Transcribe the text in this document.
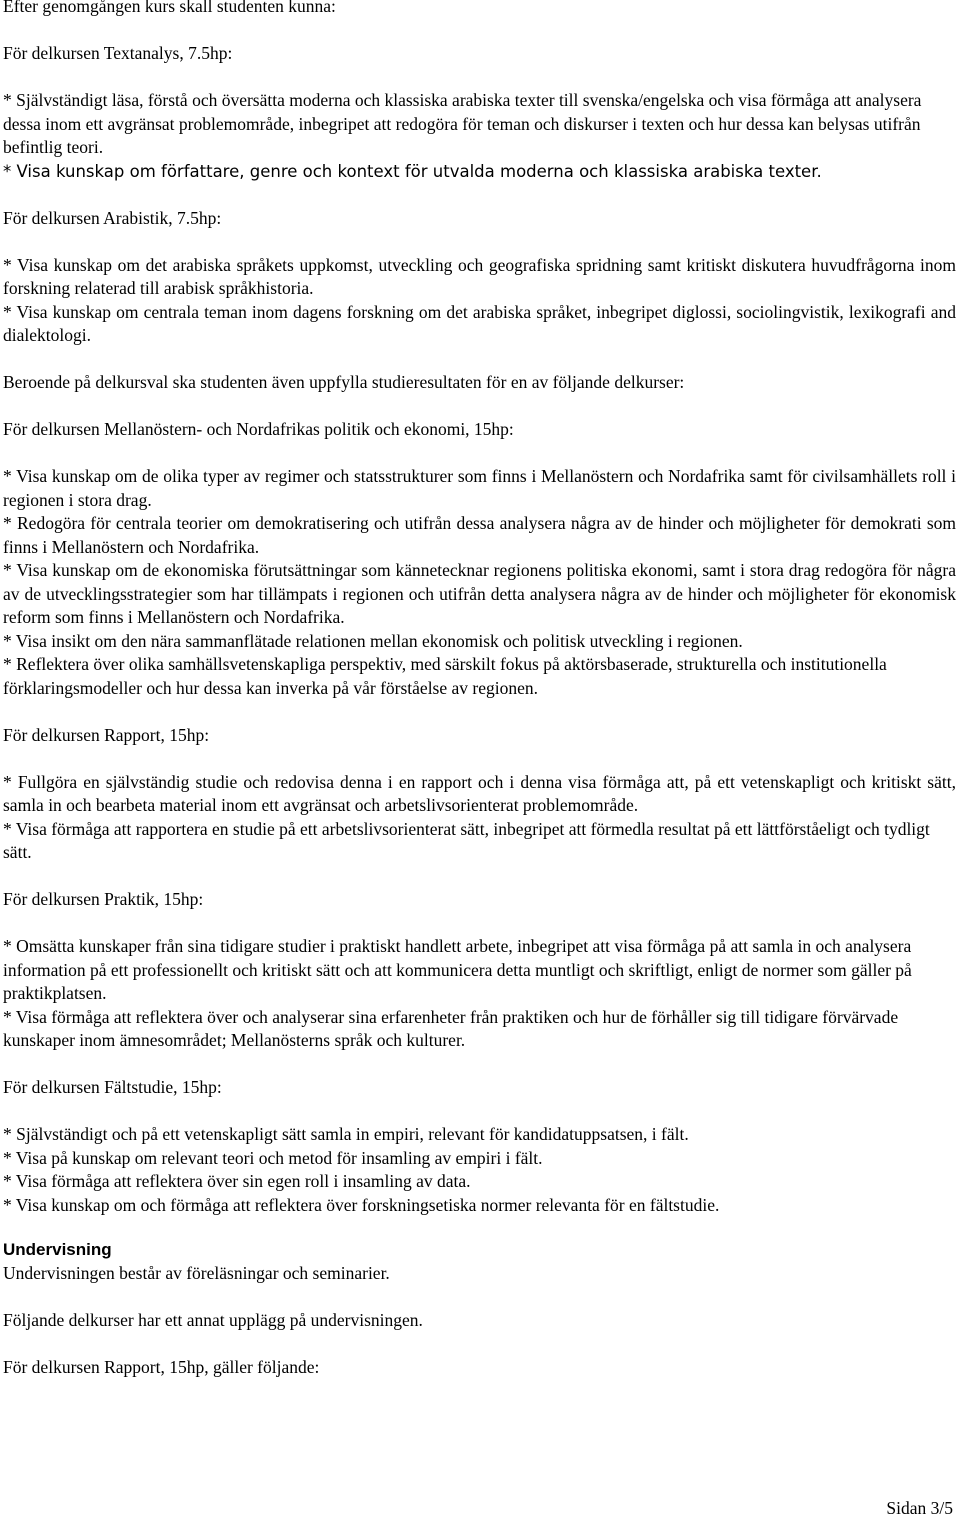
Efter genomgången kurs skall studenten kunna:

För delkursen Textanalys, 7.5hp:

* Självständigt läsa, förstå och översätta moderna och klassiska arabiska texter till svenska/engelska och visa förmåga att analysera dessa inom ett avgränsat problemområde, inbegripet att redogöra för teman och diskurser i texten och hur dessa kan belysas utifrån befintlig teori.

* Visa kunskap om författare, genre och kontext för utvalda moderna och klassiska arabiska texter.

För delkursen Arabistik, 7.5hp:

* Visa kunskap om det arabiska språkets uppkomst, utveckling och geografiska spridning samt kritiskt diskutera huvudfrågorna inom forskning relaterad till arabisk språkhistoria.

* Visa kunskap om centrala teman inom dagens forskning om det arabiska språket, inbegripet diglossi, sociolingvistik, lexikografi and dialektologi.

Beroende på delkursval ska studenten även uppfylla studieresultaten för en av följande delkurser:

För delkursen Mellanöstern- och Nordafrikas politik och ekonomi, 15hp:

* Visa kunskap om de olika typer av regimer och statsstrukturer som finns i Mellanöstern och Nordafrika samt för civilsamhällets roll i regionen i stora drag.

* Redogöra för centrala teorier om demokratisering och utifrån dessa analysera några av de hinder och möjligheter för demokrati som finns i Mellanöstern och Nordafrika.

* Visa kunskap om de ekonomiska förutsättningar som kännetecknar regionens politiska ekonomi, samt i stora drag redogöra för några av de utvecklingsstrategier som har tillämpats i regionen och utifrån detta analysera några av de hinder och möjligheter för ekonomisk reform som finns i Mellanöstern och Nordafrika.

* Visa insikt om den nära sammanflätade relationen mellan ekonomisk och politisk utveckling i regionen.

* Reflektera över olika samhällsvetenskapliga perspektiv, med särskilt fokus på aktörsbaserade, strukturella och institutionella förklaringsmodeller och hur dessa kan inverka på vår förståelse av regionen.

För delkursen Rapport, 15hp:

* Fullgöra en självständig studie och redovisa denna i en rapport och i denna visa förmåga att, på ett vetenskapligt och kritiskt sätt, samla in och bearbeta material inom ett avgränsat och arbetslivsorienterat problemområde.

* Visa förmåga att rapportera en studie på ett arbetslivsorienterat sätt, inbegripet att förmedla resultat på ett lättförståeligt och tydligt sätt.

För delkursen Praktik, 15hp:

* Omsätta kunskaper från sina tidigare studier i praktiskt handlett arbete, inbegripet att visa förmåga på att samla in och analysera information på ett professionellt och kritiskt sätt och att kommunicera detta muntligt och skriftligt, enligt de normer som gäller på praktikplatsen.

* Visa förmåga att reflektera över och analyserar sina erfarenheter från praktiken och hur de förhåller sig till tidigare förvärvade kunskaper inom ämnesområdet; Mellanösterns språk och kulturer.

För delkursen Fältstudie, 15hp:

* Självständigt och på ett vetenskapligt sätt samla in empiri, relevant för kandidatuppsatsen, i fält.

* Visa på kunskap om relevant teori och metod för insamling av empiri i fält.

* Visa förmåga att reflektera över sin egen roll i insamling av data.

* Visa kunskap om och förmåga att reflektera över forskningsetiska normer relevanta för en fältstudie.

Undervisning

Undervisningen består av föreläsningar och seminarier.

Följande delkurser har ett annat upplägg på undervisningen.

För delkursen Rapport, 15hp, gäller följande:

Sidan 3/5
